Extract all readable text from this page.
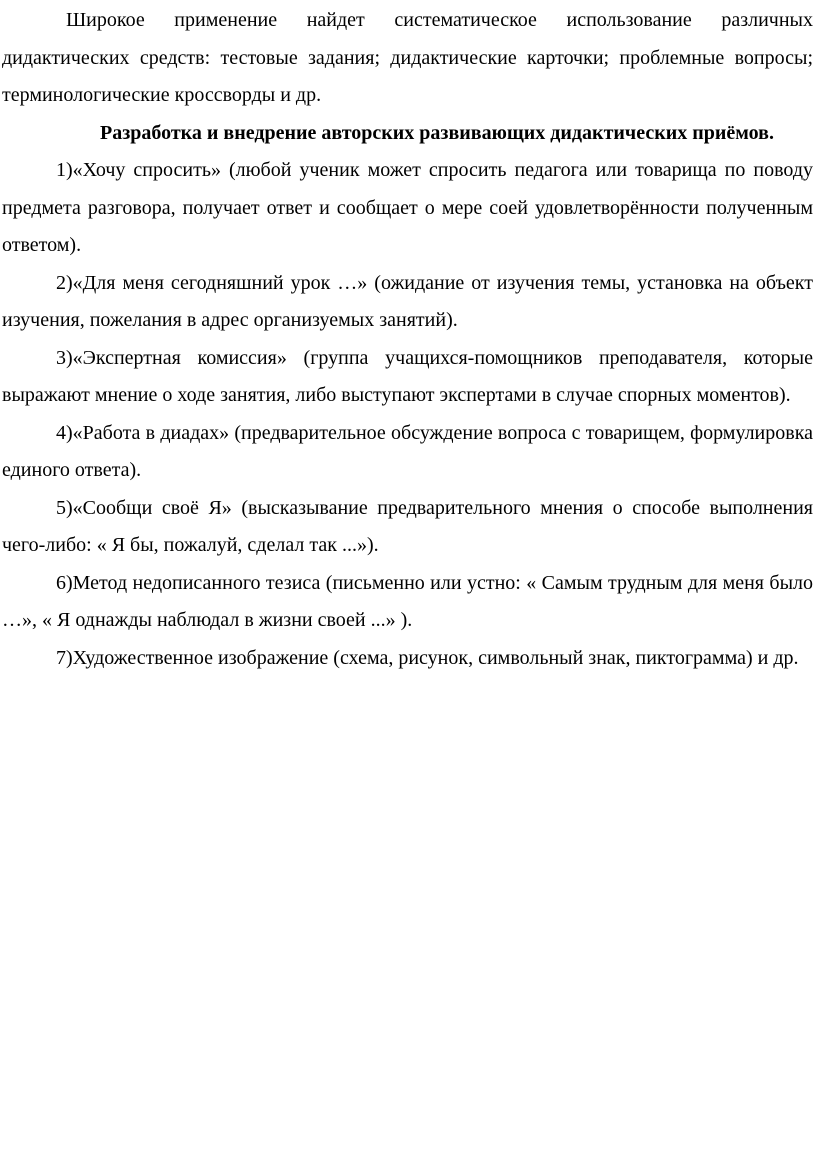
Широкое применение найдет систематическое использование различных дидактических средств: тестовые задания; дидактические карточки; проблемные вопросы; терминологические кроссворды и др.

Разработка и внедрение авторских развивающих дидактических приёмов.

1)«Хочу спросить» (любой ученик может спросить педагога или товарища по поводу предмета разговора, получает ответ и сообщает о мере соей удовлетворённости полученным ответом).

2)«Для меня сегодняшний урок …» (ожидание от изучения темы, установка на объект изучения, пожелания в адрес организуемых занятий).

3)«Экспертная комиссия» (группа учащихся-помощников преподавателя, которые выражают мнение о ходе занятия, либо выступают экспертами в случае спорных моментов).

4)«Работа в диадах» (предварительное обсуждение вопроса с товарищем, формулировка единого ответа).

5)«Сообщи своё Я» (высказывание предварительного мнения о способе выполнения чего-либо: « Я бы, пожалуй, сделал так ...»).

6)Метод недописанного тезиса (письменно или устно: « Самым трудным для меня было …», « Я однажды наблюдал в жизни своей ...» ).

7)Художественное изображение (схема, рисунок, символьный знак, пиктограмма) и др.
